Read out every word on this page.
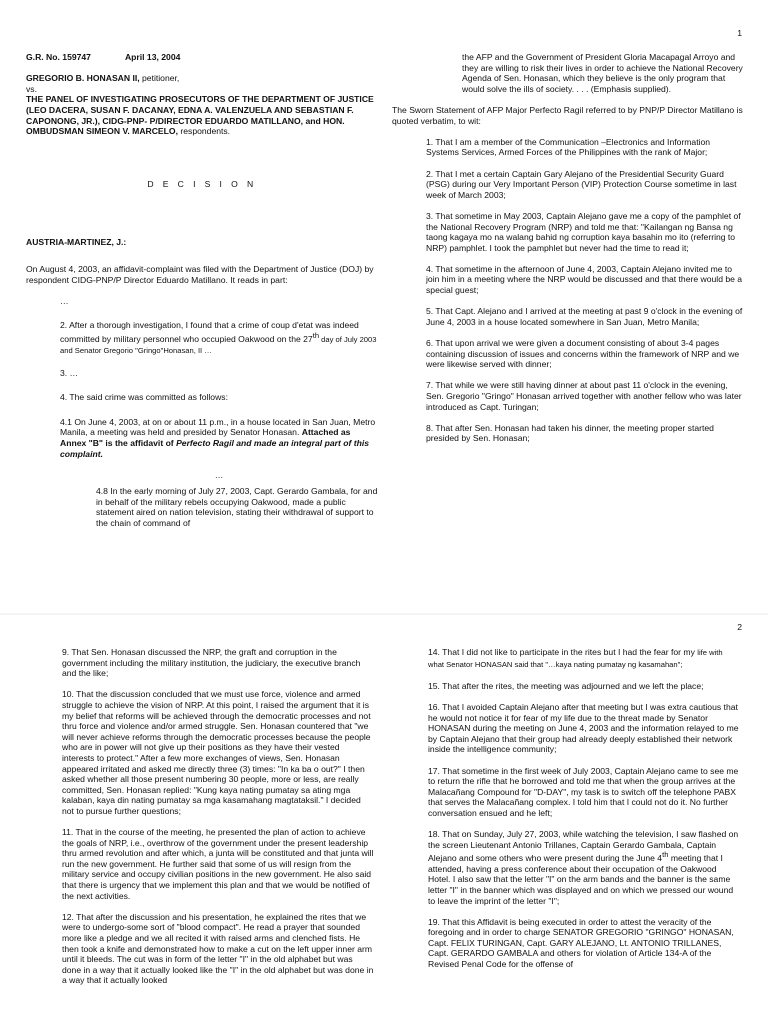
1
G.R. No. 159747	April 13, 2004
GREGORIO B. HONASAN II, petitioner,
vs.
THE PANEL OF INVESTIGATING PROSECUTORS OF THE DEPARTMENT OF JUSTICE (LEO DACERA, SUSAN F. DACANAY, EDNA A. VALENZUELA AND SEBASTIAN F. CAPONONG, JR.), CIDG-PNP- P/DIRECTOR EDUARDO MATILLANO, and HON. OMBUDSMAN SIMEON V. MARCELO, respondents.
D E C I S I O N
AUSTRIA-MARTINEZ, J.:
On August 4, 2003, an affidavit-complaint was filed with the Department of Justice (DOJ) by respondent CIDG-PNP/P Director Eduardo Matillano. It reads in part:
…
2. After a thorough investigation, I found that a crime of coup d'etat was indeed committed by military personnel who occupied Oakwood on the 27th day of July 2003 and Senator Gregorio "Gringo"Honasan, II …
3. …
4. The said crime was committed as follows:
4.1 On June 4, 2003, at on or about 11 p.m., in a house located in San Juan, Metro Manila, a meeting was held and presided by Senator Honasan. Attached as Annex "B" is the affidavit of Perfecto Ragil and made an integral part of this complaint.
…
4.8 In the early morning of July 27, 2003, Capt. Gerardo Gambala, for and in behalf of the military rebels occupying Oakwood, made a public statement aired on nation television, stating their withdrawal of support to the chain of command of
the AFP and the Government of President Gloria Macapagal Arroyo and they are willing to risk their lives in order to achieve the National Recovery Agenda of Sen. Honasan, which they believe is the only program that would solve the ills of society. . . . (Emphasis supplied).
The Sworn Statement of AFP Major Perfecto Ragil referred to by PNP/P Director Matillano is quoted verbatim, to wit:
1. That I am a member of the Communication –Electronics and Information Systems Services, Armed Forces of the Philippines with the rank of Major;
2. That I met a certain Captain Gary Alejano of the Presidential Security Guard (PSG) during our Very Important Person (VIP) Protection Course sometime in last week of March 2003;
3. That sometime in May 2003, Captain Alejano gave me a copy of the pamphlet of the National Recovery Program (NRP) and told me that: "Kailangan ng Bansa ng taong kagaya mo na walang bahid ng corruption kaya basahin mo ito (referring to NRP) pamphlet. I took the pamphlet but never had the time to read it;
4. That sometime in the afternoon of June 4, 2003, Captain Alejano invited me to join him in a meeting where the NRP would be discussed and that there would be a special guest;
5. That Capt. Alejano and I arrived at the meeting at past 9 o'clock in the evening of June 4, 2003 in a house located somewhere in San Juan, Metro Manila;
6. That upon arrival we were given a document consisting of about 3-4 pages containing discussion of issues and concerns within the framework of NRP and we were likewise served with dinner;
7. That while we were still having dinner at about past 11 o'clock in the evening, Sen. Gregorio "Gringo" Honasan arrived together with another fellow who was later introduced as Capt. Turingan;
8. That after Sen. Honasan had taken his dinner, the meeting proper started presided by Sen. Honasan;
2
9. That Sen. Honasan discussed the NRP, the graft and corruption in the government including the military institution, the judiciary, the executive branch and the like;
10. That the discussion concluded that we must use force, violence and armed struggle to achieve the vision of NRP. At this point, I raised the argument that it is my belief that reforms will be achieved through the democratic processes and not thru force and violence and/or armed struggle. Sen. Honasan countered that "we will never achieve reforms through the democratic processes because the people who are in power will not give up their positions as they have their vested interests to protect." After a few more exchanges of views, Sen. Honasan appeared irritated and asked me directly three (3) times: "In ka ba o out?" I then asked whether all those present numbering 30 people, more or less, are really committed, Sen. Honasan replied: "Kung kaya nating pumatay sa ating mga kalaban, kaya din nating pumatay sa mga kasamahang magtataksil." I decided not to pursue further questions;
11. That in the course of the meeting, he presented the plan of action to achieve the goals of NRP, i.e., overthrow of the government under the present leadership thru armed revolution and after which, a junta will be constituted and that junta will run the new government. He further said that some of us will resign from the military service and occupy civilian positions in the new government. He also said that there is urgency that we implement this plan and that we would be notified of the next activities.
12. That after the discussion and his presentation, he explained the rites that we were to undergo-some sort of "blood compact". He read a prayer that sounded more like a pledge and we all recited it with raised arms and clenched fists. He then took a knife and demonstrated how to make a cut on the left upper inner arm until it bleeds. The cut was in form of the letter "I" in the old alphabet but was done in a way that it actually looked like the "I" in the old alphabet but was done in a way that it actually looked
14. That I did not like to participate in the rites but I had the fear for my life with what Senator HONASAN said that "…kaya nating pumatay ng kasamahan";
15. That after the rites, the meeting was adjourned and we left the place;
16. That I avoided Captain Alejano after that meeting but I was extra cautious that he would not notice it for fear of my life due to the threat made by Senator HONASAN during the meeting on June 4, 2003 and the information relayed to me by Captain Alejano that their group had already deeply established their network inside the intelligence community;
17. That sometime in the first week of July 2003, Captain Alejano came to see me to return the rifle that he borrowed and told me that when the group arrives at the Malacañang Compound for "D-DAY", my task is to switch off the telephone PABX that serves the Malacañang complex. I told him that I could not do it. No further conversation ensued and he left;
18. That on Sunday, July 27, 2003, while watching the television, I saw flashed on the screen Lieutenant Antonio Trillanes, Captain Gerardo Gambala, Captain Alejano and some others who were present during the June 4th meeting that I attended, having a press conference about their occupation of the Oakwood Hotel. I also saw that the letter "I" on the arm bands and the banner is the same letter "I" in the banner which was displayed and on which we pressed our wound to leave the imprint of the letter "I";
19. That this Affidavit is being executed in order to attest the veracity of the foregoing and in order to charge SENATOR GREGORIO "GRINGO" HONASAN, Capt. FELIX TURINGAN, Capt. GARY ALEJANO, Lt. ANTONIO TRILLANES, Capt. GERARDO GAMBALA and others for violation of Article 134-A of the Revised Penal Code for the offense of
